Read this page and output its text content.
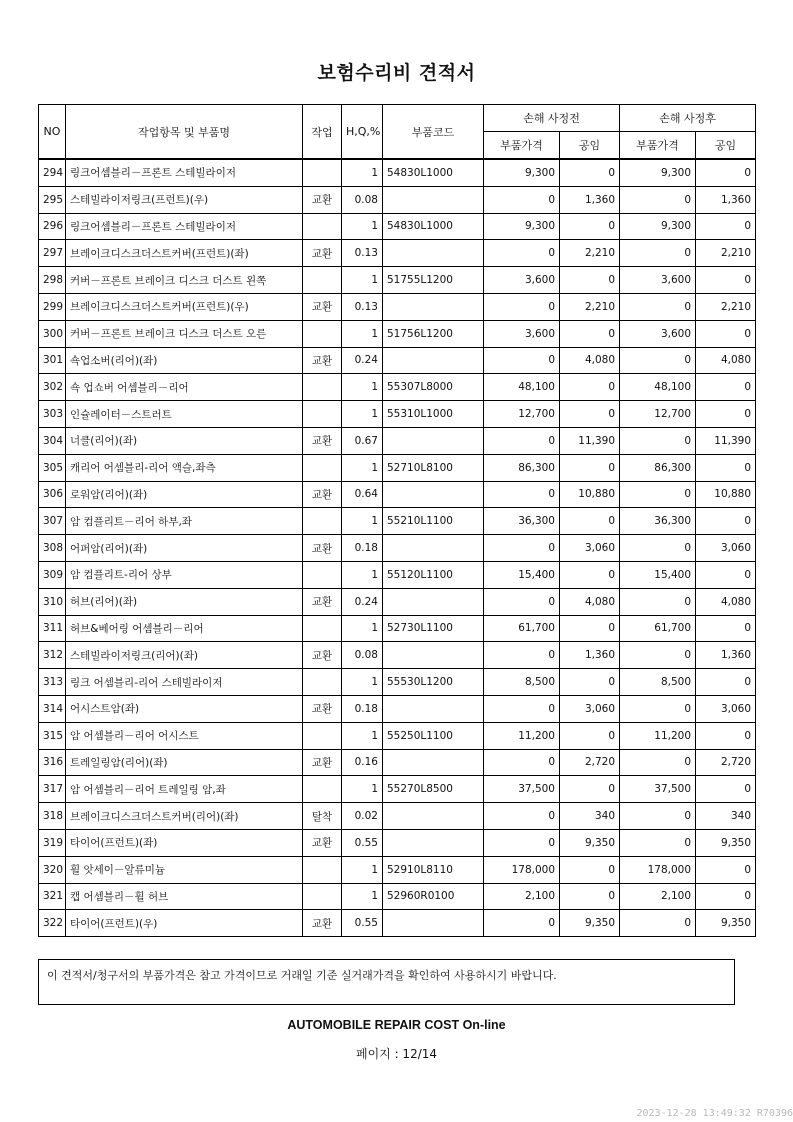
보험수리비 견적서
NO	작업항목 및 부품명	작업	H,Q,%	부품코드	손해 사정전		손해 사정후	
					부품가격	공임	부품가격	공임
294	링크어셈블리－프론트 스테빌라이저		1	54830L1000	9,300	0	9,300	0
295	스테빌라이저링크(프런트)(우)	교환	0.08		0	1,360	0	1,360
296	링크어셈블리－프론트 스테빌라이저		1	54830L1000	9,300	0	9,300	0
297	브레이크디스크더스트커버(프런트)(좌)	교환	0.13		0	2,210	0	2,210
298	커버－프론트 브레이크 디스크 더스트 왼쪽		1	51755L1200	3,600	0	3,600	0
299	브레이크디스크더스트커버(프런트)(우)	교환	0.13		0	2,210	0	2,210
300	커버－프론트 브레이크 디스크 더스트 오른		1	51756L1200	3,600	0	3,600	0
301	쇽업소버(리어)(좌)	교환	0.24		0	4,080	0	4,080
302	쇽 업쇼버 어셈블리－리어		1	55307L8000	48,100	0	48,100	0
303	인슐레이터－스트러트		1	55310L1000	12,700	0	12,700	0
304	너클(리어)(좌)	교환	0.67		0	11,390	0	11,390
305	캐리어 어셈블리-리어 액슬,좌측		1	52710L8100	86,300	0	86,300	0
306	로워암(리어)(좌)	교환	0.64		0	10,880	0	10,880
307	암 컴플리트－리어 하부,좌		1	55210L1100	36,300	0	36,300	0
308	어퍼암(리어)(좌)	교환	0.18		0	3,060	0	3,060
309	암 컴플리트-리어 상부		1	55120L1100	15,400	0	15,400	0
310	허브(리어)(좌)	교환	0.24		0	4,080	0	4,080
311	허브&베어링 어셈블리－리어		1	52730L1100	61,700	0	61,700	0
312	스테빌라이저링크(리어)(좌)	교환	0.08		0	1,360	0	1,360
313	링크 어셈블리-리어 스테빌라이저		1	55530L1200	8,500	0	8,500	0
314	어시스트암(좌)	교환	0.18		0	3,060	0	3,060
315	암 어셈블리－리어 어시스트		1	55250L1100	11,200	0	11,200	0
316	트레일링암(리어)(좌)	교환	0.16		0	2,720	0	2,720
317	암 어셈블리－리어 트레일링 암,좌		1	55270L8500	37,500	0	37,500	0
318	브레이크디스크더스트커버(리어)(좌)	탈착	0.02		0	340	0	340
319	타이어(프런트)(좌)	교환	0.55		0	9,350	0	9,350
320	휠 앗세이－알류미늄		1	52910L8110	178,000	0	178,000	0
321	캡 어셈블리－휠 허브		1	52960R0100	2,100	0	2,100	0
322	타이어(프런트)(우)	교환	0.55		0	9,350	0	9,350
이 견적서/청구서의 부품가격은 참고 가격이므로 거래일 기준 실거래가격을 확인하여 사용하시기 바랍니다.
AUTOMOBILE REPAIR COST On-line
페이지 : 12/14
2023-12-28 13:49:32 R70396
